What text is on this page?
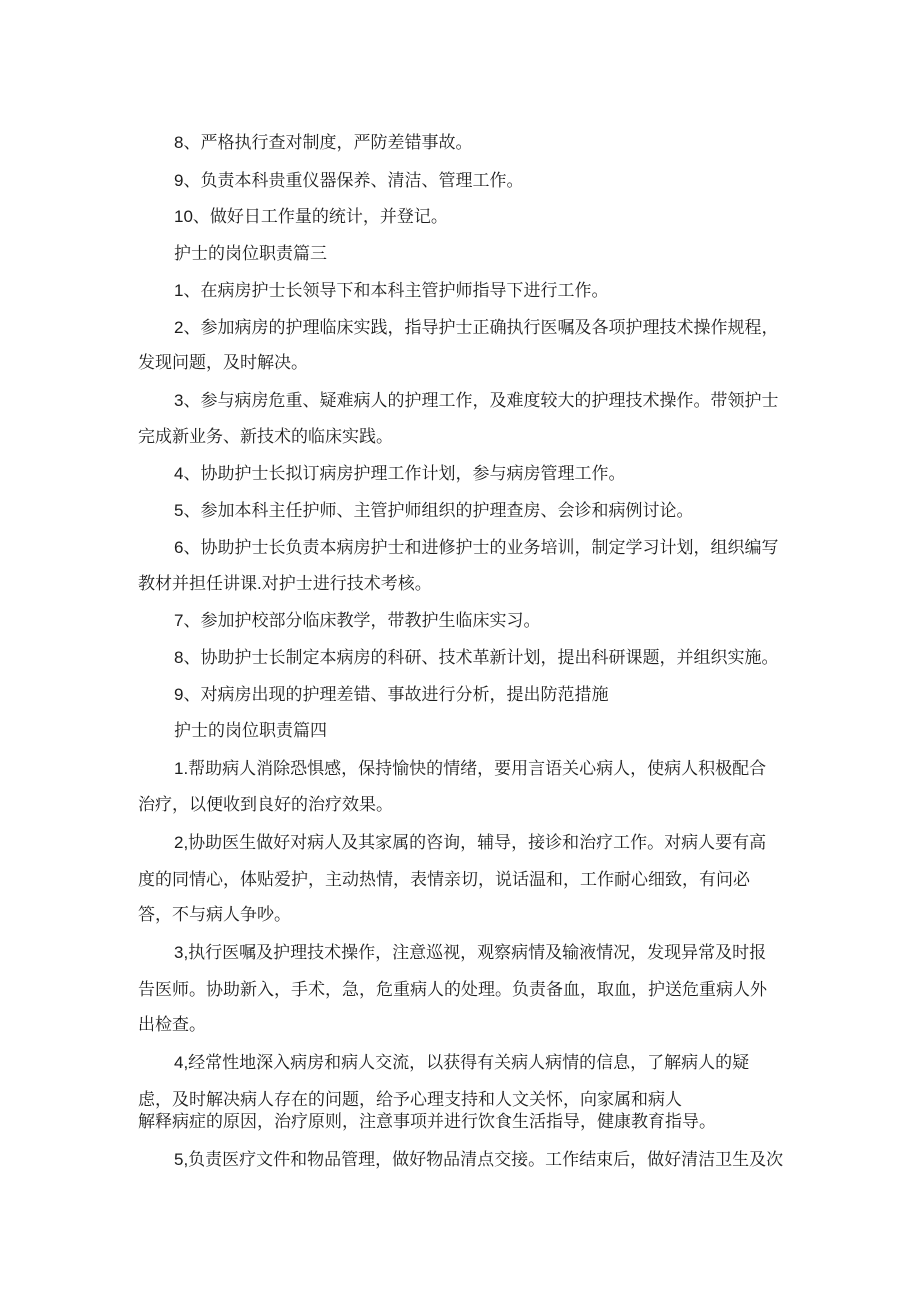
8、严格执行查对制度，严防差错事故。
9、负责本科贵重仪器保养、清洁、管理工作。
10、做好日工作量的统计，并登记。
护士的岗位职责篇三
1、在病房护士长领导下和本科主管护师指导下进行工作。
2、参加病房的护理临床实践，指导护士正确执行医嘱及各项护理技术操作规程，
发现问题，及时解决。
3、参与病房危重、疑难病人的护理工作，及难度较大的护理技术操作。带领护士
完成新业务、新技术的临床实践。
4、协助护士长拟订病房护理工作计划，参与病房管理工作。
5、参加本科主任护师、主管护师组织的护理查房、会诊和病例讨论。
6、协助护士长负责本病房护士和进修护士的业务培训，制定学习计划，组织编写
教材并担任讲课.对护士进行技术考核。
7、参加护校部分临床教学，带教护生临床实习。
8、协助护士长制定本病房的科研、技术革新计划，提出科研课题，并组织实施。
9、对病房出现的护理差错、事故进行分析，提出防范措施
护士的岗位职责篇四
1.帮助病人消除恐惧感，保持愉快的情绪，要用言语关心病人，使病人积极配合
治疗，以便收到良好的治疗效果。
2,协助医生做好对病人及其家属的咨询，辅导，接诊和治疗工作。对病人要有高
度的同情心，体贴爱护，主动热情，表情亲切，说话温和，工作耐心细致，有问必
答，不与病人争吵。
3,执行医嘱及护理技术操作，注意巡视，观察病情及输液情况，发现异常及时报
告医师。协助新入，手术，急，危重病人的处理。负责备血，取血，护送危重病人外
出检查。
4,经常性地深入病房和病人交流，以获得有关病人病情的信息，了解病人的疑
虑，及时解决病人存在的问题，给予心理支持和人文关怀，向家属和病人
解释病症的原因，治疗原则，注意事项并进行饮食生活指导，健康教育指导。
5,负责医疗文件和物品管理，做好物品清点交接。工作结束后，做好清洁卫生及次
